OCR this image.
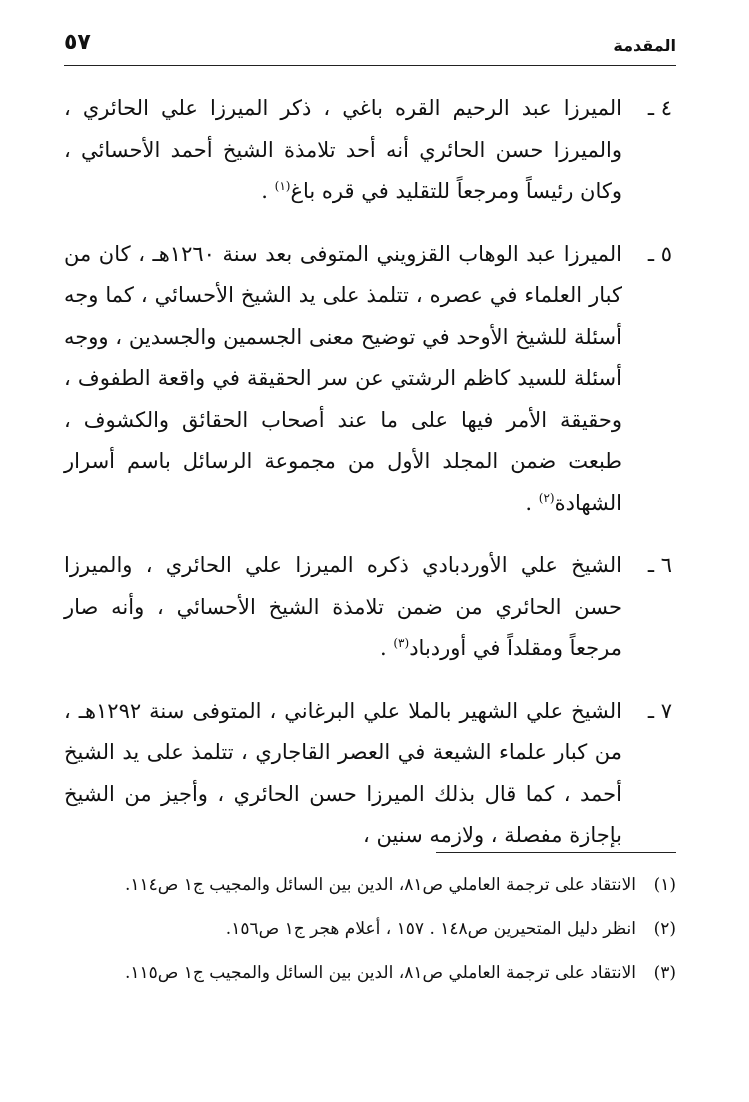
المقدمة
٥٧
٤ ـ
الميرزا عبد الرحيم القره باغي ، ذكر الميرزا علي الحائري ، والميرزا حسن الحائري أنه أحد تلامذة الشيخ أحمد الأحسائي ، وكان رئيساً ومرجعاً للتقليد في قره باغ$^{(١)}$ .
٥ ـ
الميرزا عبد الوهاب القزويني المتوفى بعد سنة ١٢٦٠هـ ، كان من كبار العلماء في عصره ، تتلمذ على يد الشيخ الأحسائي ، كما وجه أسئلة للشيخ الأوحد في توضيح معنى الجسمين والجسدين ، ووجه أسئلة للسيد كاظم الرشتي عن سر الحقيقة في واقعة الطفوف ، وحقيقة الأمر فيها على ما عند أصحاب الحقائق والكشوف ، طبعت ضمن المجلد الأول من مجموعة الرسائل باسم أسرار الشهادة$^{(٢)}$ .
٦ ـ
الشيخ علي الأوردبادي ذكره الميرزا علي الحائري ، والميرزا حسن الحائري من ضمن تلامذة الشيخ الأحسائي ، وأنه صار مرجعاً ومقلداً في أوردباد$^{(٣)}$ .
٧ ـ
الشيخ علي الشهير بالملا علي البرغاني ، المتوفى سنة ١٢٩٢هـ ، من كبار علماء الشيعة في العصر القاجاري ، تتلمذ على يد الشيخ أحمد ، كما قال بذلك الميرزا حسن الحائري ، وأجيز من الشيخ بإجازة مفصلة ، ولازمه سنين ،
(١)
الانتقاد على ترجمة العاملي ص٨١، الدين بين السائل والمجيب ج١ ص١١٤.
(٢)
انظر دليل المتحيرين ص١٤٨ . ١٥٧ ، أعلام هجر ج١ ص١٥٦.
(٣)
الانتقاد على ترجمة العاملي ص٨١، الدين بين السائل والمجيب ج١ ص١١٥.
